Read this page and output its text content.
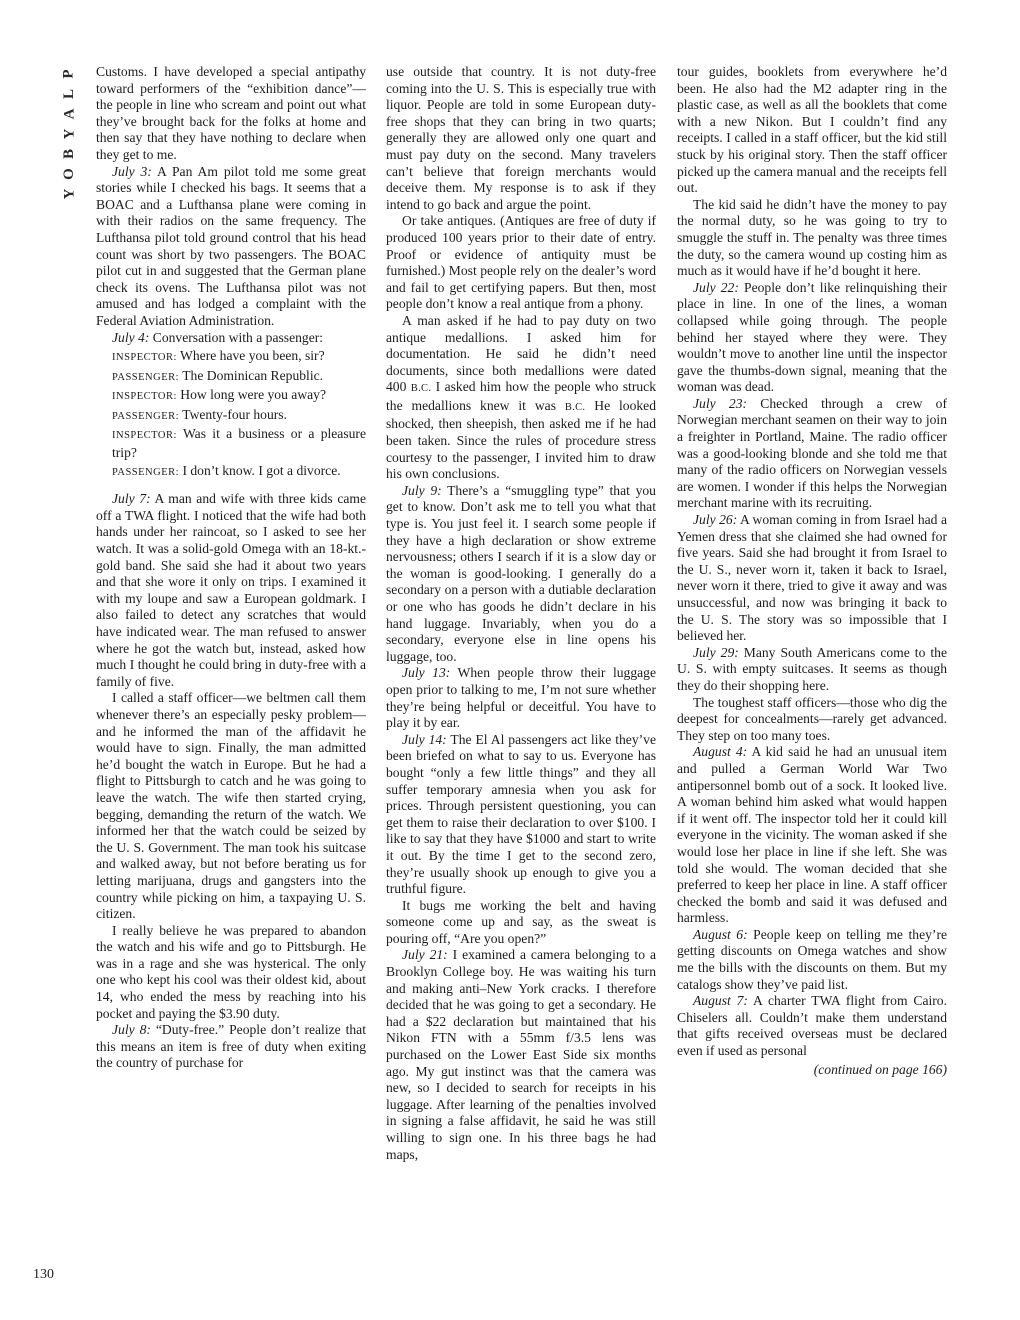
P
L
A
Y
B
O
Y
130

Customs. I have developed a special antipathy toward performers of the “exhibition dance”—the people in line who scream and point out what they’ve brought back for the folks at home and then say that they have nothing to declare when they get to me.

July 3: A Pan Am pilot told me some great stories while I checked his bags. It seems that a BOAC and a Lufthansa plane were coming in with their radios on the same frequency. The Lufthansa pilot told ground control that his head count was short by two passengers. The BOAC pilot cut in and suggested that the German plane check its ovens. The Lufthansa pilot was not amused and has lodged a complaint with the Federal Aviation Administration.

July 4: Conversation with a passenger:

INSPECTOR: Where have you been, sir?

PASSENGER: The Dominican Republic.

INSPECTOR: How long were you away?

PASSENGER: Twenty-four hours.

INSPECTOR: Was it a business or a pleasure trip?

PASSENGER: I don’t know. I got a divorce.

July 7: A man and wife with three kids came off a TWA flight. I noticed that the wife had both hands under her raincoat, so I asked to see her watch. It was a solid-gold Omega with an 18-kt.-gold band. She said she had it about two years and that she wore it only on trips. I examined it with my loupe and saw a European goldmark. I also failed to detect any scratches that would have indicated wear. The man refused to answer where he got the watch but, instead, asked how much I thought he could bring in duty-free with a family of five.

I called a staff officer—we beltmen call them whenever there’s an especially pesky problem—and he informed the man of the affidavit he would have to sign. Finally, the man admitted he’d bought the watch in Europe. But he had a flight to Pittsburgh to catch and he was going to leave the watch. The wife then started crying, begging, demanding the return of the watch. We informed her that the watch could be seized by the U. S. Government. The man took his suitcase and walked away, but not before berating us for letting marijuana, drugs and gangsters into the country while picking on him, a taxpaying U. S. citizen.

I really believe he was prepared to abandon the watch and his wife and go to Pittsburgh. He was in a rage and she was hysterical. The only one who kept his cool was their oldest kid, about 14, who ended the mess by reaching into his pocket and paying the $3.90 duty.

July 8: “Duty-free.” People don’t realize that this means an item is free of duty when exiting the country of purchase for

use outside that country. It is not duty-free coming into the U. S. This is especially true with liquor. People are told in some European duty-free shops that they can bring in two quarts; generally they are allowed only one quart and must pay duty on the second. Many travelers can’t believe that foreign merchants would deceive them. My response is to ask if they intend to go back and argue the point.

Or take antiques. (Antiques are free of duty if produced 100 years prior to their date of entry. Proof or evidence of antiquity must be furnished.) Most people rely on the dealer’s word and fail to get certifying papers. But then, most people don’t know a real antique from a phony.

A man asked if he had to pay duty on two antique medallions. I asked him for documentation. He said he didn’t need documents, since both medallions were dated 400 B.C. I asked him how the people who struck the medallions knew it was B.C. He looked shocked, then sheepish, then asked me if he had been taken. Since the rules of procedure stress courtesy to the passenger, I invited him to draw his own conclusions.

July 9: There’s a “smuggling type” that you get to know. Don’t ask me to tell you what that type is. You just feel it. I search some people if they have a high declaration or show extreme nervousness; others I search if it is a slow day or the woman is good-looking. I generally do a secondary on a person with a dutiable declaration or one who has goods he didn’t declare in his hand luggage. Invariably, when you do a secondary, everyone else in line opens his luggage, too.

July 13: When people throw their luggage open prior to talking to me, I’m not sure whether they’re being helpful or deceitful. You have to play it by ear.

July 14: The El Al passengers act like they’ve been briefed on what to say to us. Everyone has bought “only a few little things” and they all suffer temporary amnesia when you ask for prices. Through persistent questioning, you can get them to raise their declaration to over $100. I like to say that they have $1000 and start to write it out. By the time I get to the second zero, they’re usually shook up enough to give you a truthful figure.

It bugs me working the belt and having someone come up and say, as the sweat is pouring off, “Are you open?”

July 21: I examined a camera belonging to a Brooklyn College boy. He was waiting his turn and making anti–New York cracks. I therefore decided that he was going to get a secondary. He had a $22 declaration but maintained that his Nikon FTN with a 55mm f/3.5 lens was purchased on the Lower East Side six months ago. My gut instinct was that the camera was new, so I decided to search for receipts in his luggage. After learning of the penalties involved in signing a false affidavit, he said he was still willing to sign one. In his three bags he had maps,

tour guides, booklets from everywhere he’d been. He also had the M2 adapter ring in the plastic case, as well as all the booklets that come with a new Nikon. But I couldn’t find any receipts. I called in a staff officer, but the kid still stuck by his original story. Then the staff officer picked up the camera manual and the receipts fell out.

The kid said he didn’t have the money to pay the normal duty, so he was going to try to smuggle the stuff in. The penalty was three times the duty, so the camera wound up costing him as much as it would have if he’d bought it here.

July 22: People don’t like relinquishing their place in line. In one of the lines, a woman collapsed while going through. The people behind her stayed where they were. They wouldn’t move to another line until the inspector gave the thumbs-down signal, meaning that the woman was dead.

July 23: Checked through a crew of Norwegian merchant seamen on their way to join a freighter in Portland, Maine. The radio officer was a good-looking blonde and she told me that many of the radio officers on Norwegian vessels are women. I wonder if this helps the Norwegian merchant marine with its recruiting.

July 26: A woman coming in from Israel had a Yemen dress that she claimed she had owned for five years. Said she had brought it from Israel to the U. S., never worn it, taken it back to Israel, never worn it there, tried to give it away and was unsuccessful, and now was bringing it back to the U. S. The story was so impossible that I believed her.

July 29: Many South Americans come to the U. S. with empty suitcases. It seems as though they do their shopping here.

The toughest staff officers—those who dig the deepest for concealments—rarely get advanced. They step on too many toes.

August 4: A kid said he had an unusual item and pulled a German World War Two antipersonnel bomb out of a sock. It looked live. A woman behind him asked what would happen if it went off. The inspector told her it could kill everyone in the vicinity. The woman asked if she would lose her place in line if she left. She was told she would. The woman decided that she preferred to keep her place in line. A staff officer checked the bomb and said it was defused and harmless.

August 6: People keep on telling me they’re getting discounts on Omega watches and show me the bills with the discounts on them. But my catalogs show they’ve paid list.

August 7: A charter TWA flight from Cairo. Chiselers all. Couldn’t make them understand that gifts received overseas must be declared even if used as personal

(continued on page 166)
